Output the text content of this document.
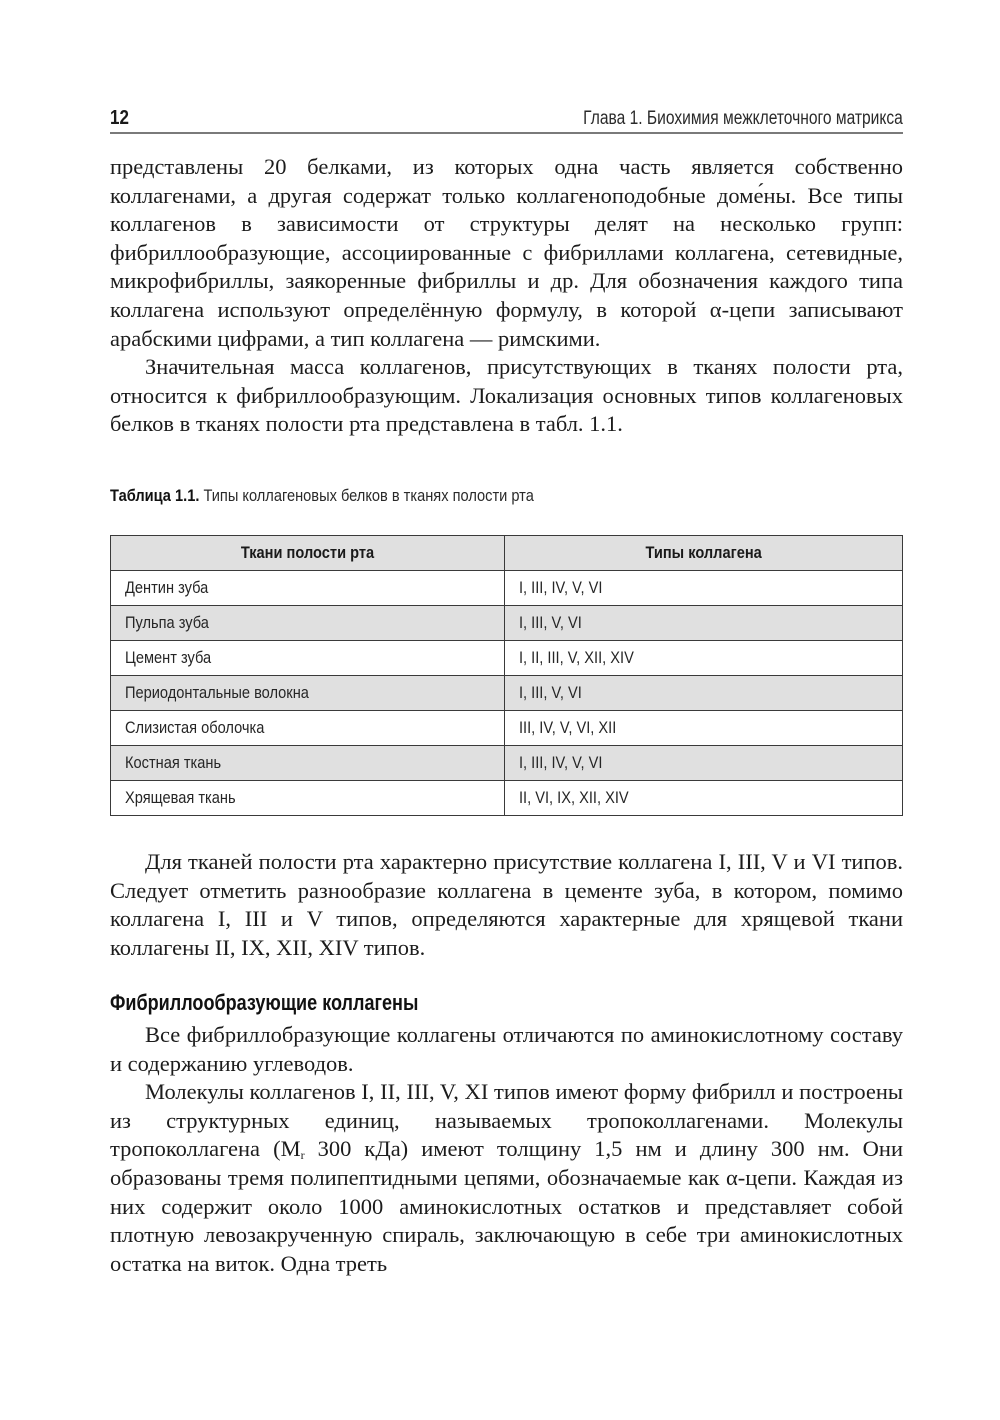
12	Глава 1. Биохимия межклеточного матрикса

представлены 20 белками, из которых одна часть является собственно коллагенами, а другая содержат только коллагеноподобные доме́ны. Все типы коллагенов в зависимости от структуры делят на несколько групп: фибриллообразующие, ассоциированные с фибриллами коллагена, сетевидные, микрофибриллы, заякоренные фибриллы и др. Для обозначения каждого типа коллагена используют определённую формулу, в которой α-цепи записывают арабскими цифрами, а тип коллагена — римскими.

Значительная масса коллагенов, присутствующих в тканях полости рта, относится к фибриллообразующим. Локализация основных типов коллагеновых белков в тканях полости рта представлена в табл. 1.1.

Таблица 1.1. Типы коллагеновых белков в тканях полости рта
Ткани полости рта	Типы коллагена
Дентин зуба	I, III, IV, V, VI
Пульпа зуба	I, III, V, VI
Цемент зуба	I, II, III, V, XII, XIV
Периодонтальные волокна	I, III, V, VI
Слизистая оболочка	III, IV, V, VI, XII
Костная ткань	I, III, IV, V, VI
Хрящевая ткань	II, VI, IX, XII, XIV

Для тканей полости рта характерно присутствие коллагена I, III, V и VI типов. Следует отметить разнообразие коллагена в цементе зуба, в котором, помимо коллагена I, III и V типов, определяются характерные для хрящевой ткани коллагены II, IX, XII, XIV типов.

Фибриллообразующие коллагены

Все фибриллобразующие коллагены отличаются по аминокислотному составу и содержанию углеводов.

Молекулы коллагенов I, II, III, V, XI типов имеют форму фибрилл и построены из структурных единиц, называемых тропоколлагенами. Молекулы тропоколлагена ($M_r$ 300 кДа) имеют толщину 1,5 нм и длину 300 нм. Они образованы тремя полипептидными цепями, обозначаемые как α-цепи. Каждая из них содержит около 1000 аминокислотных остатков и представляет собой плотную левозакрученную спираль, заключающую в себе три аминокислотных остатка на виток. Одна треть
